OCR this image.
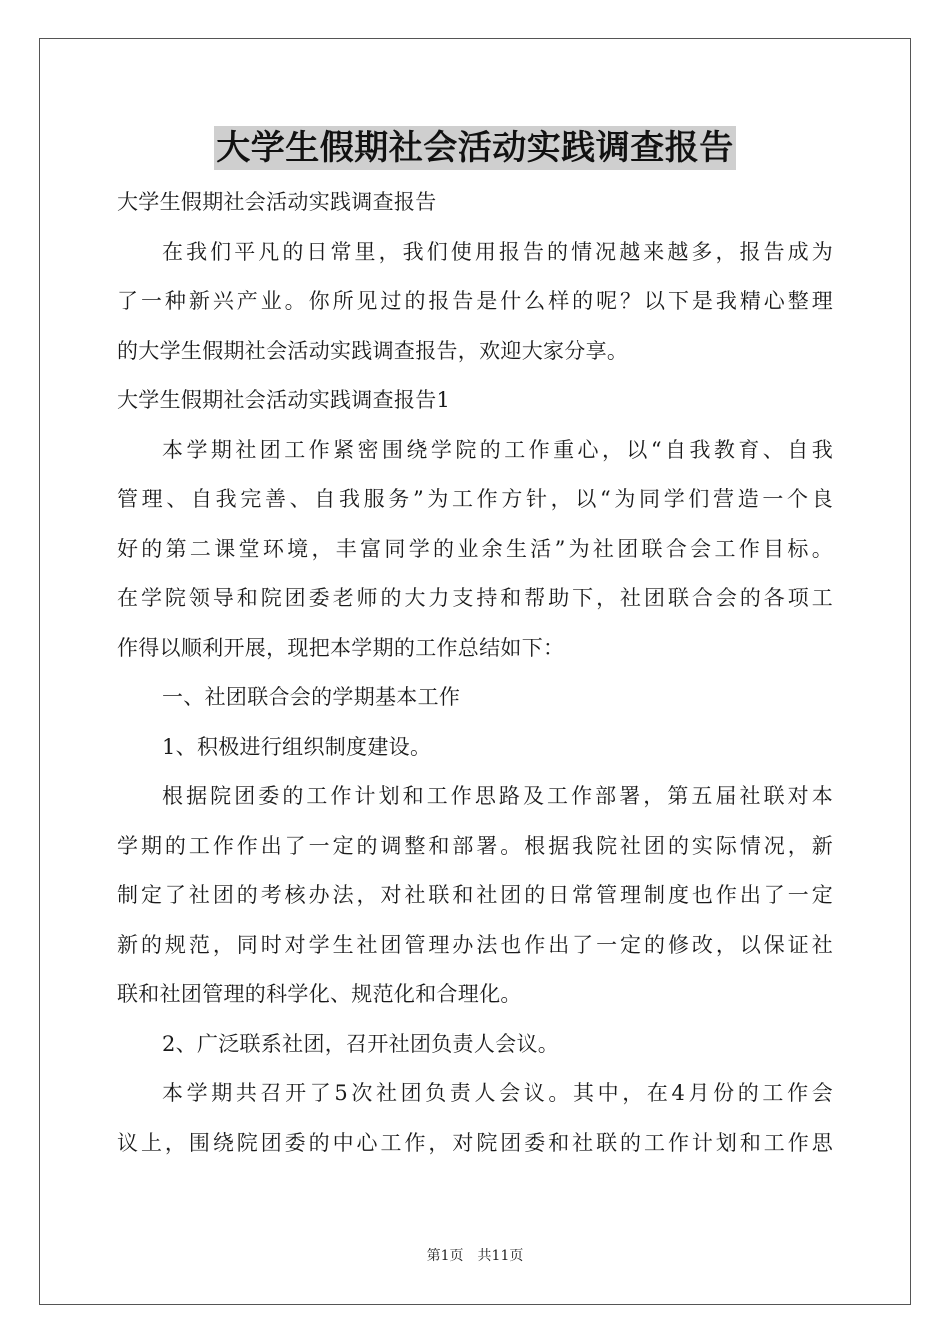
大学生假期社会活动实践调查报告
大学生假期社会活动实践调查报告
在我们平凡的日常里，我们使用报告的情况越来越多，报告成为
了一种新兴产业。你所见过的报告是什么样的呢？以下是我精心整理
的大学生假期社会活动实践调查报告，欢迎大家分享。
大学生假期社会活动实践调查报告1
本学期社团工作紧密围绕学院的工作重心，以“自我教育、自我
管理、自我完善、自我服务”为工作方针，以“为同学们营造一个良
好的第二课堂环境，丰富同学的业余生活”为社团联合会工作目标。
在学院领导和院团委老师的大力支持和帮助下，社团联合会的各项工
作得以顺利开展，现把本学期的工作总结如下：
一、社团联合会的学期基本工作
1、积极进行组织制度建设。
根据院团委的工作计划和工作思路及工作部署，第五届社联对本
学期的工作作出了一定的调整和部署。根据我院社团的实际情况，新
制定了社团的考核办法，对社联和社团的日常管理制度也作出了一定
新的规范，同时对学生社团管理办法也作出了一定的修改，以保证社
联和社团管理的科学化、规范化和合理化。
2、广泛联系社团，召开社团负责人会议。
本学期共召开了5次社团负责人会议。其中，在4月份的工作会
议上，围绕院团委的中心工作，对院团委和社联的工作计划和工作思
第1页 共11页
